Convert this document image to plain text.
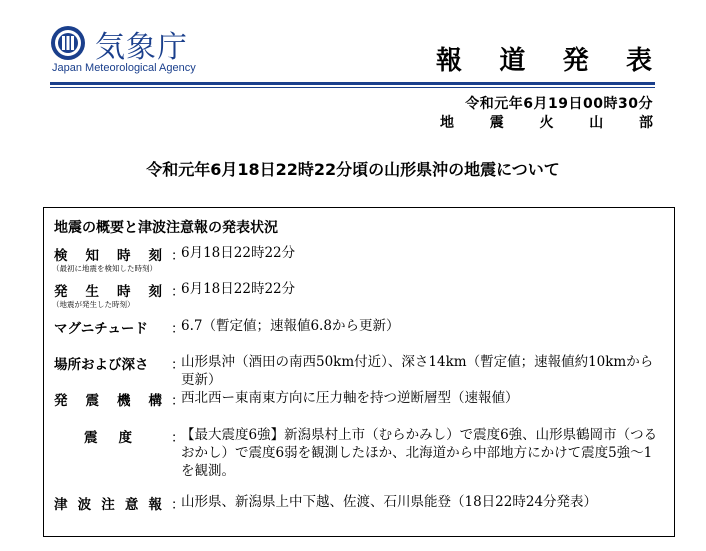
気象庁
Japan Meteorological Agency	報 道 発 表
令和元年6月19日00時30分
地	震	火	山	部
令和元年6月18日22時22分頃の山形県沖の地震について
地震の概要と津波注意報の発表状況
検 知 時 刻
（最初に地震を検知した時刻）
：
6月18日22時22分
発 生 時 刻
（地震が発生した時刻）
：
6月18日22時22分
マグニチュード ：
6.7（暫定値；速報値6.8から更新）
場所および深さ ：
山形県沖（酒田の南西50km付近）、深さ14km（暫定値；速報値約10kmから更新）
発 震 機 構 ：
西北西ー東南東方向に圧力軸を持つ逆断層型（速報値）
震 度	：
【最大震度6強】新潟県村上市（むらかみし）で震度6強、山形県鶴岡市（つるおかし）で震度6弱を観測したほか、北海道から中部地方にかけて震度5強〜1を観測。
津 波 注 意 報 ：
山形県、新潟県上中下越、佐渡、石川県能登（18日22時24分発表）
